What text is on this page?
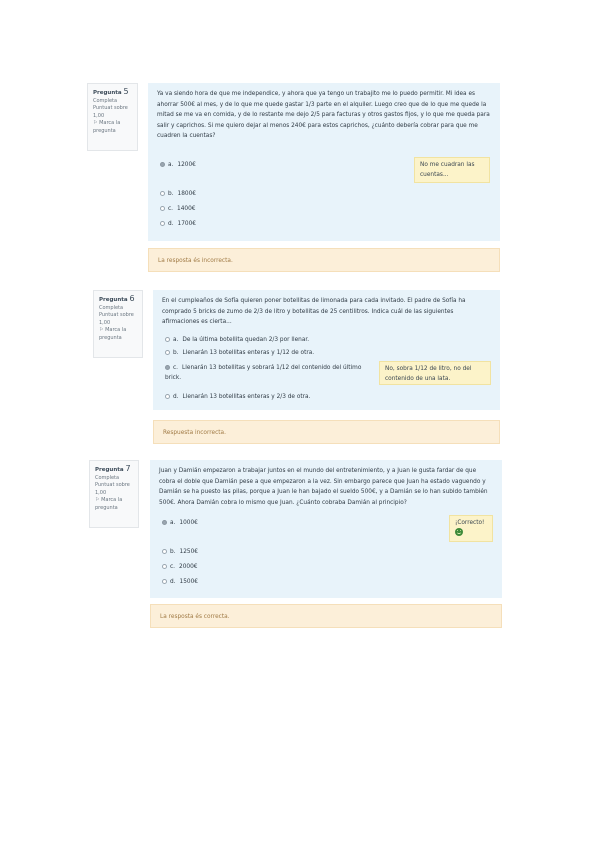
Pregunta 5
Completa
Puntuat sobre
1,00
⚐ Marca la
pregunta

Ya va siendo hora de que me independice, y ahora que ya tengo un trabajito me lo puedo permitir. Mi idea es ahorrar 500€ al mes, y de lo que me quede gastar 1/3 parte en el alquiler. Luego creo que de lo que me quede la mitad se me va en comida, y de lo restante me dejo 2/5 para facturas y otros gastos fijos, y lo que me queda para salir y caprichos. Si me quiero dejar al menos 240€ para estos caprichos, ¿cuánto debería cobrar para que me cuadren la cuentas?

a. 1200€
b. 1800€
c. 1400€
d. 1700€
No me cuadran las cuentas...
La resposta és incorrecta.
Pregunta 6
Completa
Puntuat sobre
1,00
⚐ Marca la
pregunta

En el cumpleaños de Sofía quieren poner botellitas de limonada para cada invitado. El padre de Sofía ha comprado 5 bricks de zumo de 2/3 de litro y botellitas de 25 centilitros. Indica cuál de las siguientes afirmaciones es cierta...

a. De la última botellita quedan 2/3 por llenar.
b. Llenarán 13 botellitas enteras y 1/12 de otra.
c. Llenarán 13 botellitas y sobrará 1/12 del contenido del último brick.
d. Llenarán 13 botellitas enteras y 2/3 de otra.
No, sobra 1/12 de litro, no del contenido de una lata.
Respuesta incorrecta.
Pregunta 7
Completa
Puntuat sobre
1,00
⚐ Marca la
pregunta

Juan y Damián empezaron a trabajar juntos en el mundo del entretenimiento, y a Juan le gusta fardar de que cobra el doble que Damián pese a que empezaron a la vez. Sin embargo parece que Juan ha estado vaguendo y Damián se ha puesto las pilas, porque a Juan le han bajado el sueldo 500€, y a Damián se lo han subido también 500€. Ahora Damián cobra lo mismo que Juan. ¿Cuánto cobraba Damián al principio?

a. 1000€
b. 1250€
c. 2000€
d. 1500€
¡Correcto!
La resposta és correcta.
